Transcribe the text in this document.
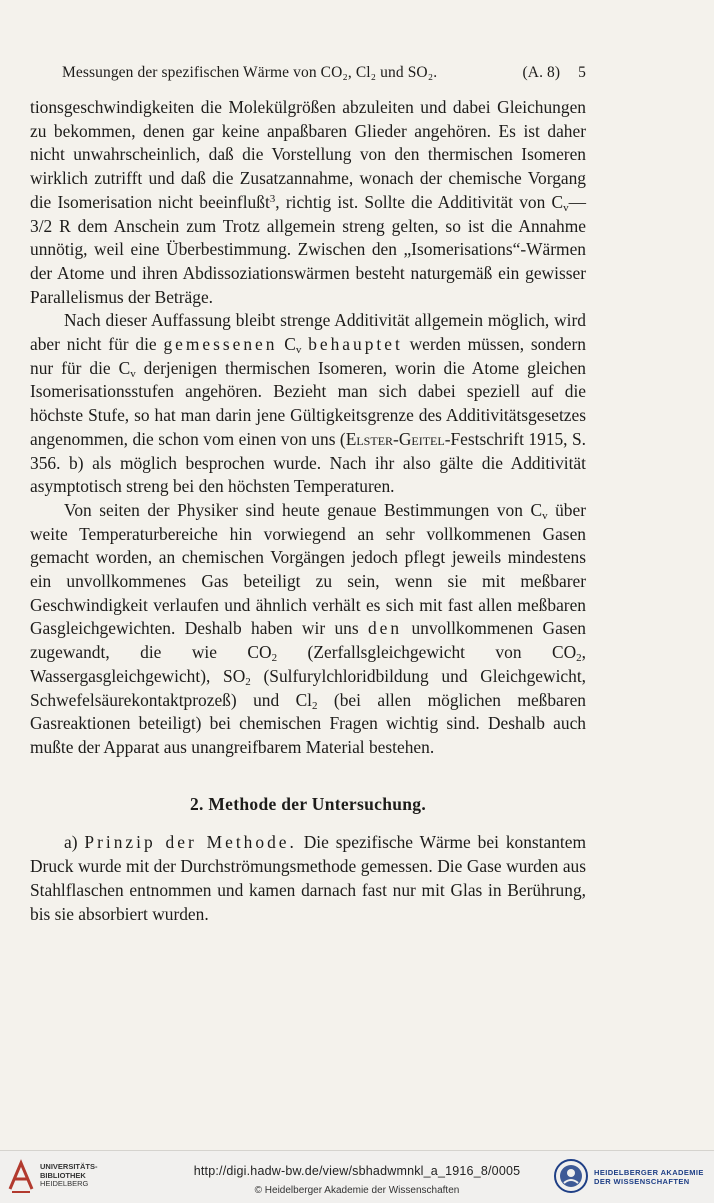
Messungen der spezifischen Wärme von CO₂, Cl₂ und SO₂.	(A. 8) 5

tionsgeschwindigkeiten die Molekülgrößen abzuleiten und dabei Gleichungen zu bekommen, denen gar keine anpaßbaren Glieder angehören. Es ist daher nicht unwahrscheinlich, daß die Vorstellung von den thermischen Isomeren wirklich zutrifft und daß die Zusatzannahme, wonach der chemische Vorgang die Isomerisation nicht beeinflußt$^3$, richtig ist. Sollte die Additivität von $C_v—3/2$ R dem Anschein zum Trotz allgemein streng gelten, so ist die Annahme unnötig, weil eine Überbestimmung. Zwischen den „Isomerisations“-Wärmen der Atome und ihren Abdissoziationswärmen besteht naturgemäß ein gewisser Parallelismus der Beträge.

Nach dieser Auffassung bleibt strenge Additivität allgemein möglich, wird aber nicht für die gemessenen $C_v$ behauptet werden müssen, sondern nur für die $C_v$ derjenigen thermischen Isomeren, worin die Atome gleichen Isomerisationsstufen angehören. Bezieht man sich dabei speziell auf die höchste Stufe, so hat man darin jene Gültigkeitsgrenze des Additivitätsgesetzes angenommen, die schon vom einen von uns (Elster-Geitel-Festschrift 1915, S. 356. b) als möglich besprochen wurde. Nach ihr also gälte die Additivität asymptotisch streng bei den höchsten Temperaturen.

Von seiten der Physiker sind heute genaue Bestimmungen von $C_v$ über weite Temperaturbereiche hin vorwiegend an sehr vollkommenen Gasen gemacht worden, an chemischen Vorgängen jedoch pflegt jeweils mindestens ein unvollkommenes Gas beteiligt zu sein, wenn sie mit meßbarer Geschwindigkeit verlaufen und ähnlich verhält es sich mit fast allen meßbaren Gasgleichgewichten. Deshalb haben wir uns den unvollkommenen Gasen zugewandt, die wie $CO_2$ (Zerfallsgleichgewicht von $CO_2$, Wassergasgleichgewicht), $SO_2$ (Sulfurylchloridbildung und Gleichgewicht, Schwefelsäurekontaktprozeß) und $Cl_2$ (bei allen möglichen meßbaren Gasreaktionen beteiligt) bei chemischen Fragen wichtig sind. Deshalb auch mußte der Apparat aus unangreifbarem Material bestehen.

2. Methode der Untersuchung.

a) Prinzip der Methode. Die spezifische Wärme bei konstantem Druck wurde mit der Durchströmungsmethode gemessen. Die Gase wurden aus Stahlflaschen entnommen und kamen darnach fast nur mit Glas in Berührung, bis sie absorbiert wurden.

UNIVERSITÄTS-
BIBLIOTHEK
HEIDELBERG
http://digi.hadw-bw.de/view/sbhadwmnkl_a_1916_8/0005
© Heidelberger Akademie der Wissenschaften
HEIDELBERGER AKADEMIE
DER WISSENSCHAFTEN
